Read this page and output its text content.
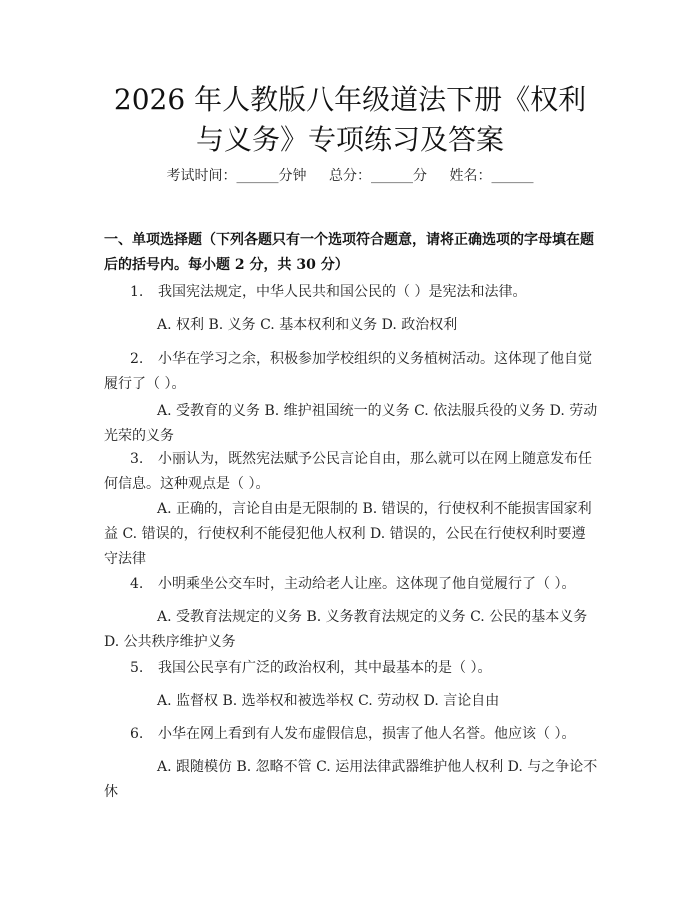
2026 年人教版八年级道法下册《权利与义务》专项练习及答案
考试时间：______分钟 总分：______分 姓名：______
一、单项选择题（下列各题只有一个选项符合题意，请将正确选项的字母填在题后的括号内。每小题 2 分，共 30 分）
1. 我国宪法规定，中华人民共和国公民的（ ）是宪法和法律。
A. 权利 B. 义务 C. 基本权利和义务 D. 政治权利
2. 小华在学习之余，积极参加学校组织的义务植树活动。这体现了他自觉履行了（ ）。
A. 受教育的义务 B. 维护祖国统一的义务 C. 依法服兵役的义务 D. 劳动光荣的义务
3. 小丽认为，既然宪法赋予公民言论自由，那么就可以在网上随意发布任何信息。这种观点是（ ）。
A. 正确的，言论自由是无限制的 B. 错误的，行使权利不能损害国家利益 C. 错误的，行使权利不能侵犯他人权利 D. 错误的，公民在行使权利时要遵守法律
4. 小明乘坐公交车时，主动给老人让座。这体现了他自觉履行了（ ）。
A. 受教育法规定的义务 B. 义务教育法规定的义务 C. 公民的基本义务 D. 公共秩序维护义务
5. 我国公民享有广泛的政治权利，其中最基本的是（ ）。
A. 监督权 B. 选举权和被选举权 C. 劳动权 D. 言论自由
6. 小华在网上看到有人发布虚假信息，损害了他人名誉。他应该（ ）。
A. 跟随模仿 B. 忽略不管 C. 运用法律武器维护他人权利 D. 与之争论不休
